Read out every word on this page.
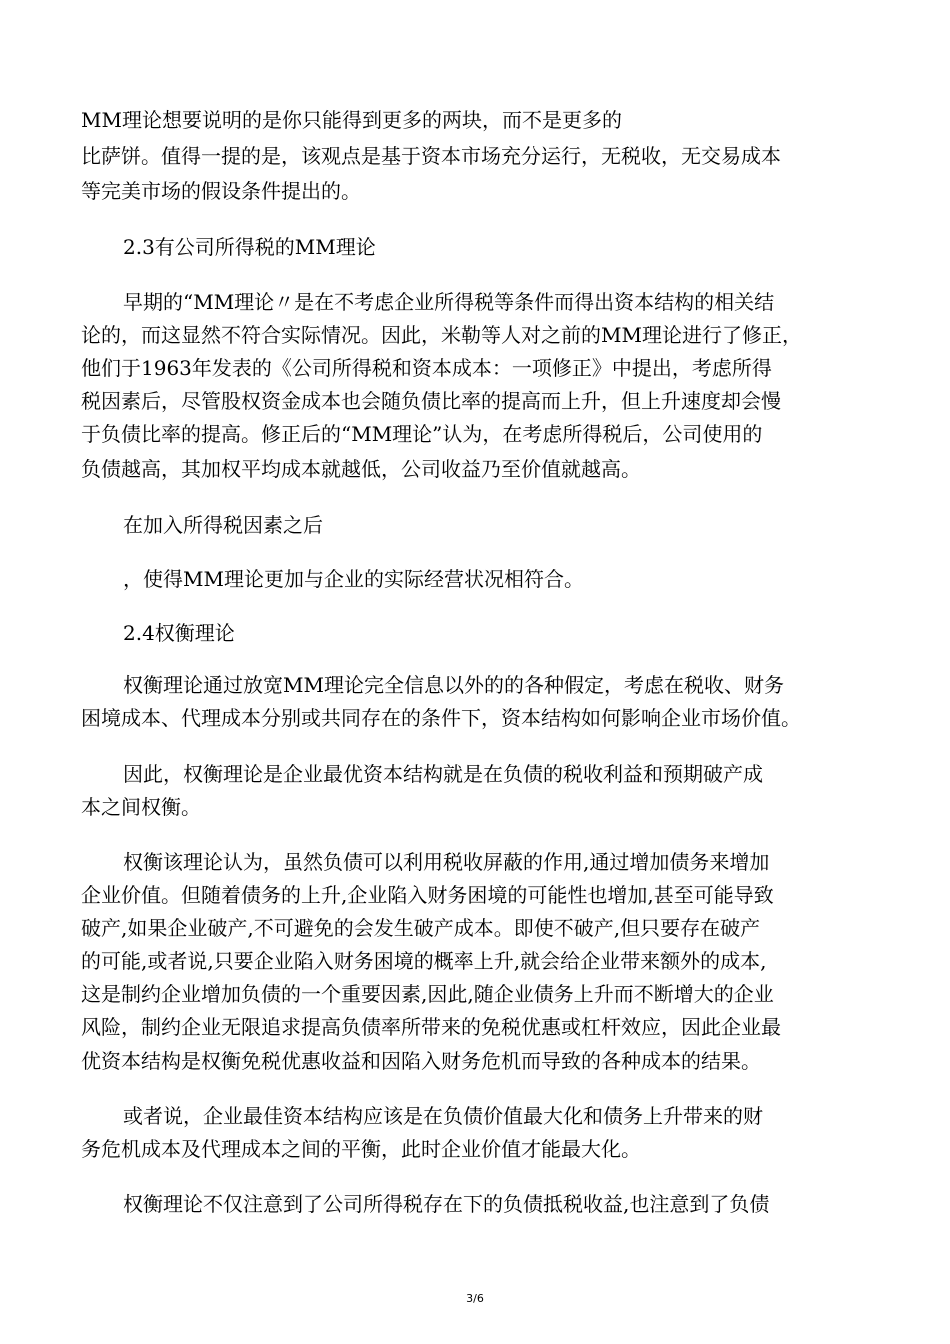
MM理论想要说明的是你只能得到更多的两块，而不是更多的
比萨饼。值得一提的是，该观点是基于资本市场充分运行，无税收，无交易成本
等完美市场的假设条件提出的。
2.3有公司所得税的MM理论
早期的“MM理论〃是在不考虑企业所得税等条件而得出资本结构的相关结
论的，而这显然不符合实际情况。因此，米勒等人对之前的MM理论进行了修正，
他们于1963年发表的《公司所得税和资本成本：一项修正》中提出，考虑所得
税因素后，尽管股权资金成本也会随负债比率的提高而上升，但上升速度却会慢
于负债比率的提高。修正后的“MM理论”认为，在考虑所得税后，公司使用的
负债越高，其加权平均成本就越低，公司收益乃至价值就越高。
在加入所得税因素之后
，使得MM理论更加与企业的实际经营状况相符合。
2.4权衡理论
权衡理论通过放宽MM理论完全信息以外的的各种假定，考虑在税收、财务
困境成本、代理成本分别或共同存在的条件下，资本结构如何影响企业市场价值。
因此，权衡理论是企业最优资本结构就是在负债的税收利益和预期破产成
本之间权衡。
权衡该理论认为，虽然负债可以利用税收屏蔽的作用,通过增加债务来增加
企业价值。但随着债务的上升,企业陷入财务困境的可能性也增加,甚至可能导致
破产,如果企业破产,不可避免的会发生破产成本。即使不破产,但只要存在破产
的可能,或者说,只要企业陷入财务困境的概率上升,就会给企业带来额外的成本,
这是制约企业增加负债的一个重要因素,因此,随企业债务上升而不断增大的企业
风险，制约企业无限追求提高负债率所带来的免税优惠或杠杆效应，因此企业最
优资本结构是权衡免税优惠收益和因陷入财务危机而导致的各种成本的结果。
或者说，企业最佳资本结构应该是在负债价值最大化和债务上升带来的财
务危机成本及代理成本之间的平衡，此时企业价值才能最大化。
权衡理论不仅注意到了公司所得税存在下的负债抵税收益,也注意到了负债
3/6
